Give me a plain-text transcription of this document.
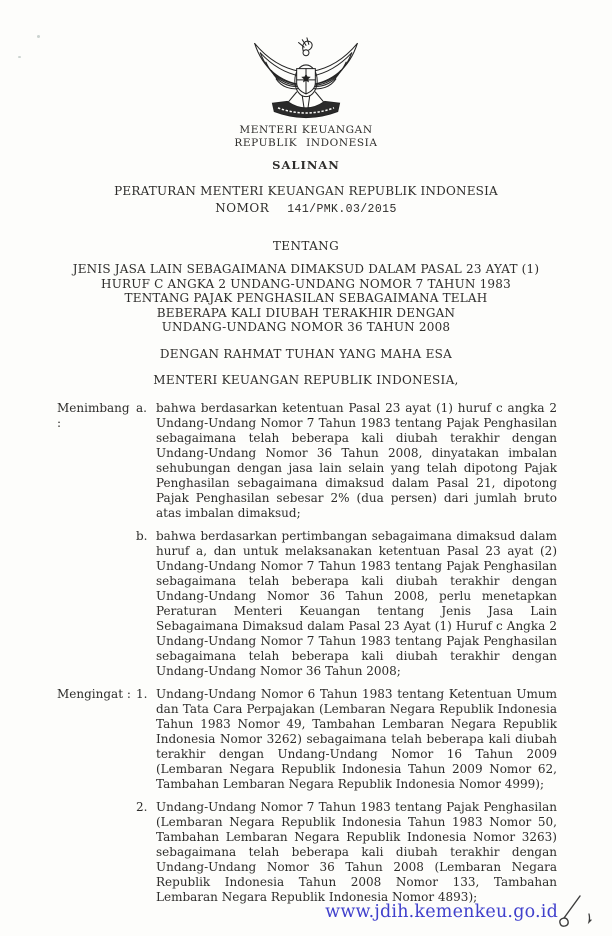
MENTERI KEUANGAN
REPUBLIK INDONESIA
SALINAN
PERATURAN MENTERI KEUANGAN REPUBLIK INDONESIA
NOMOR 141/PMK.03/2015
TENTANG
JENIS JASA LAIN SEBAGAIMANA DIMAKSUD DALAM PASAL 23 AYAT (1)
HURUF C ANGKA 2 UNDANG-UNDANG NOMOR 7 TAHUN 1983
TENTANG PAJAK PENGHASILAN SEBAGAIMANA TELAH
BEBERAPA KALI DIUBAH TERAKHIR DENGAN
UNDANG-UNDANG NOMOR 36 TAHUN 2008
DENGAN RAHMAT TUHAN YANG MAHA ESA
MENTERI KEUANGAN REPUBLIK INDONESIA,
Menimbang :
a. bahwa berdasarkan ketentuan Pasal 23 ayat (1) huruf c angka 2 Undang-Undang Nomor 7 Tahun 1983 tentang Pajak Penghasilan sebagaimana telah beberapa kali diubah terakhir dengan Undang-Undang Nomor 36 Tahun 2008, dinyatakan imbalan sehubungan dengan jasa lain selain yang telah dipotong Pajak Penghasilan sebagaimana dimaksud dalam Pasal 21, dipotong Pajak Penghasilan sebesar 2% (dua persen) dari jumlah bruto atas imbalan dimaksud;

b. bahwa berdasarkan pertimbangan sebagaimana dimaksud dalam huruf a, dan untuk melaksanakan ketentuan Pasal 23 ayat (2) Undang-Undang Nomor 7 Tahun 1983 tentang Pajak Penghasilan sebagaimana telah beberapa kali diubah terakhir dengan Undang-Undang Nomor 36 Tahun 2008, perlu menetapkan Peraturan Menteri Keuangan tentang Jenis Jasa Lain Sebagaimana Dimaksud dalam Pasal 23 Ayat (1) Huruf c Angka 2 Undang-Undang Nomor 7 Tahun 1983 tentang Pajak Penghasilan sebagaimana telah beberapa kali diubah terakhir dengan Undang-Undang Nomor 36 Tahun 2008;

Mengingat : 1. Undang-Undang Nomor 6 Tahun 1983 tentang Ketentuan Umum dan Tata Cara Perpajakan (Lembaran Negara Republik Indonesia Tahun 1983 Nomor 49, Tambahan Lembaran Negara Republik Indonesia Nomor 3262) sebagaimana telah beberapa kali diubah terakhir dengan Undang-Undang Nomor 16 Tahun 2009 (Lembaran Negara Republik Indonesia Tahun 2009 Nomor 62, Tambahan Lembaran Negara Republik Indonesia Nomor 4999);

2. Undang-Undang Nomor 7 Tahun 1983 tentang Pajak Penghasilan (Lembaran Negara Republik Indonesia Tahun 1983 Nomor 50, Tambahan Lembaran Negara Republik Indonesia Nomor 3263) sebagaimana telah beberapa kali diubah terakhir dengan Undang-Undang Nomor 36 Tahun 2008 (Lembaran Negara Republik Indonesia Tahun 2008 Nomor 133, Tambahan Lembaran Negara Republik Indonesia Nomor 4893);

www.jdih.kemenkeu.go.id
